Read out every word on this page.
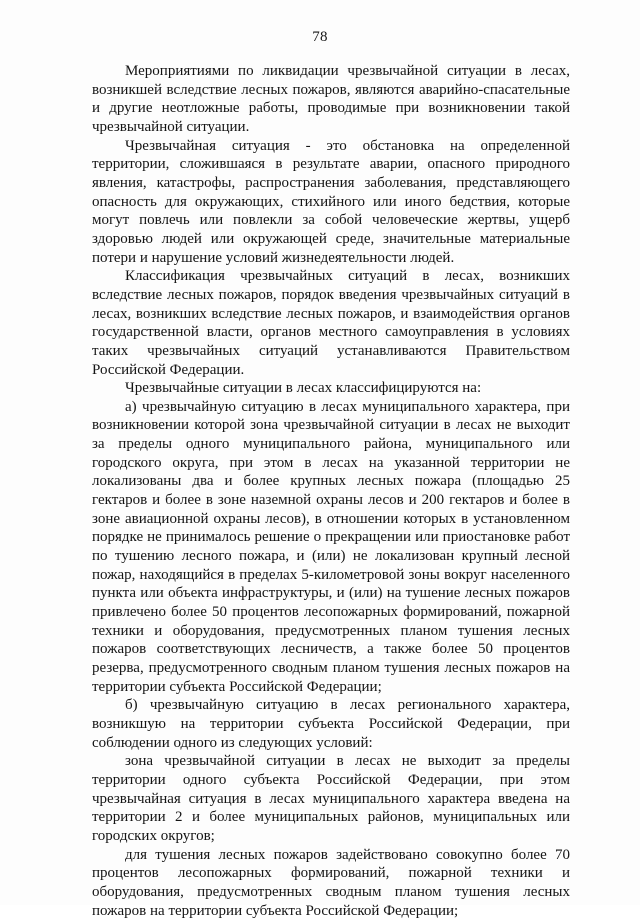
78

Мероприятиями по ликвидации чрезвычайной ситуации в лесах, возникшей вследствие лесных пожаров, являются аварийно-спасательные и другие неотложные работы, проводимые при возникновении такой чрезвычайной ситуации.

Чрезвычайная ситуация - это обстановка на определенной территории, сложившаяся в результате аварии, опасного природного явления, катастрофы, распространения заболевания, представляющего опасность для окружающих, стихийного или иного бедствия, которые могут повлечь или повлекли за собой человеческие жертвы, ущерб здоровью людей или окружающей среде, значительные материальные потери и нарушение условий жизнедеятельности людей.

Классификация чрезвычайных ситуаций в лесах, возникших вследствие лесных пожаров, порядок введения чрезвычайных ситуаций в лесах, возникших вследствие лесных пожаров, и взаимодействия органов государственной власти, органов местного самоуправления в условиях таких чрезвычайных ситуаций устанавливаются Правительством Российской Федерации.

Чрезвычайные ситуации в лесах классифицируются на:

а) чрезвычайную ситуацию в лесах муниципального характера, при возникновении которой зона чрезвычайной ситуации в лесах не выходит за пределы одного муниципального района, муниципального или городского округа, при этом в лесах на указанной территории не локализованы два и более крупных лесных пожара (площадью 25 гектаров и более в зоне наземной охраны лесов и 200 гектаров и более в зоне авиационной охраны лесов), в отношении которых в установленном порядке не принималось решение о прекращении или приостановке работ по тушению лесного пожара, и (или) не локализован крупный лесной пожар, находящийся в пределах 5-километровой зоны вокруг населенного пункта или объекта инфраструктуры, и (или) на тушение лесных пожаров привлечено более 50 процентов лесопожарных формирований, пожарной техники и оборудования, предусмотренных планом тушения лесных пожаров соответствующих лесничеств, а также более 50 процентов резерва, предусмотренного сводным планом тушения лесных пожаров на территории субъекта Российской Федерации;

б) чрезвычайную ситуацию в лесах регионального характера, возникшую на территории субъекта Российской Федерации, при соблюдении одного из следующих условий:

зона чрезвычайной ситуации в лесах не выходит за пределы территории одного субъекта Российской Федерации, при этом чрезвычайная ситуация в лесах муниципального характера введена на территории 2 и более муниципальных районов, муниципальных или городских округов;

для тушения лесных пожаров задействовано совокупно более 70 процентов лесопожарных формирований, пожарной техники и оборудования, предусмотренных сводным планом тушения лесных пожаров на территории субъекта Российской Федерации;
